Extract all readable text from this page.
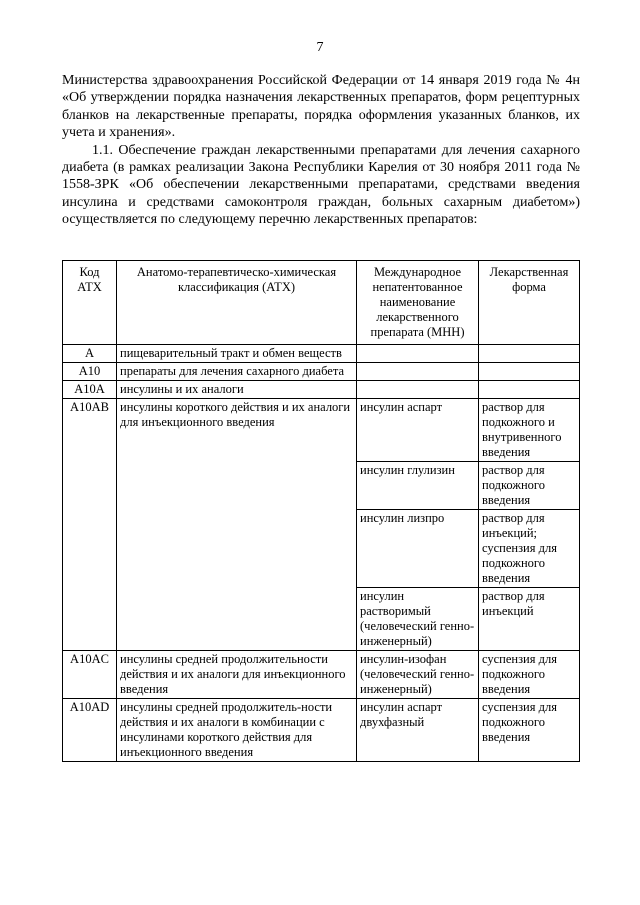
7

Министерства здравоохранения Российской Федерации от 14 января 2019 года № 4н «Об утверждении порядка назначения лекарственных препаратов, форм рецептурных бланков на лекарственные препараты, порядка оформления указанных бланков, их учета и хранения».

1.1. Обеспечение граждан лекарственными препаратами для лечения сахарного диабета (в рамках реализации Закона Республики Карелия от 30 ноября 2011 года № 1558-ЗРК «Об обеспечении лекарственными препаратами, средствами введения инсулина и средствами самоконтроля граждан, больных сахарным диабетом») осуществляется по следующему перечню лекарственных препаратов:

Код АТХ	Анатомо-терапевтическо-химическая классификация (АТХ)	Международное непатентованное наименование лекарственного препарата (МНН)	Лекарственная форма
A	пищеварительный тракт и обмен веществ		
A10	препараты для лечения сахарного диабета		
A10A	инсулины и их аналоги		
A10AB	инсулины короткого действия и их аналоги для инъекционного введения	инсулин аспарт	раствор для подкожного и внутривенного введения
		инсулин глулизин	раствор для подкожного введения
		инсулин лизпро	раствор для инъекций; суспензия для подкожного введения
		инсулин растворимый (человеческий генно-инженерный)	раствор для инъекций
A10AC	инсулины средней продолжительности действия и их аналоги для инъекционного введения	инсулин-изофан (человеческий генно-инженерный)	суспензия для подкожного введения
A10AD	инсулины средней продолжитель-ности действия и их аналоги в комбинации с инсулинами короткого действия для инъекционного введения	инсулин аспарт двухфазный	суспензия для подкожного введения
